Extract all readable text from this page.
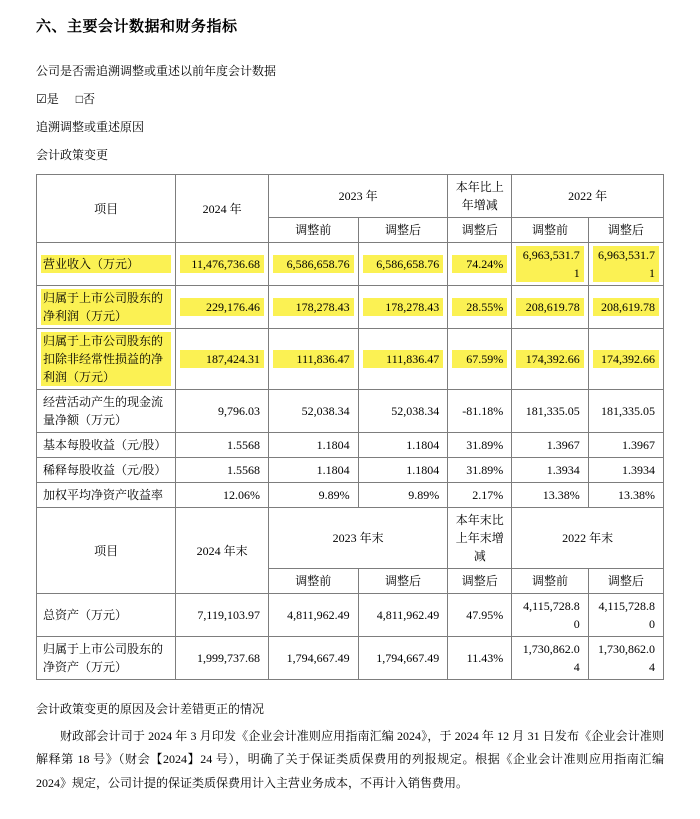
六、主要会计数据和财务指标
公司是否需追溯调整或重述以前年度会计数据
☑是 □否
追溯调整或重述原因
会计政策变更
项目	2024 年	2023 年		本年比上年增减	2022 年	
		调整前	调整后	调整后	调整前	调整后

营业收入（万元）	11,476,736.68	6,586,658.76	6,586,658.76	74.24%	6,963,531.71	6,963,531.71

归属于上市公司股东的净利润（万元）	229,176.46	178,278.43	178,278.43	28.55%	208,619.78	208,619.78

归属于上市公司股东的扣除非经常性损益的净利润（万元）	187,424.31	111,836.47	111,836.47	67.59%	174,392.66	174,392.66

经营活动产生的现金流量净额（万元）	9,796.03	52,038.34	52,038.34	-81.18%	181,335.05	181,335.05

基本每股收益（元/股）	1.5568	1.1804	1.1804	31.89%	1.3967	1.3967

稀释每股收益（元/股）	1.5568	1.1804	1.1804	31.89%	1.3934	1.3934

加权平均净资产收益率	12.06%	9.89%	9.89%	2.17%	13.38%	13.38%

项目	2024 年末	2023 年末		本年末比上年末增减	2022 年末	
		调整前	调整后	调整后	调整前	调整后

总资产（万元）	7,119,103.97	4,811,962.49	4,811,962.49	47.95%	4,115,728.80	4,115,728.80

归属于上市公司股东的净资产（万元）	1,999,737.68	1,794,667.49	1,794,667.49	11.43%	1,730,862.04	1,730,862.04
会计政策变更的原因及会计差错更正的情况
财政部会计司于 2024 年 3 月印发《企业会计准则应用指南汇编 2024》，于 2024 年 12 月 31 日发布《企业会计准则解释第 18 号》（财会【2024】24 号），明确了关于保证类质保费用的列报规定。根据《企业会计准则应用指南汇编 2024》规定，公司计提的保证类质保费用计入主营业务成本，不再计入销售费用。
